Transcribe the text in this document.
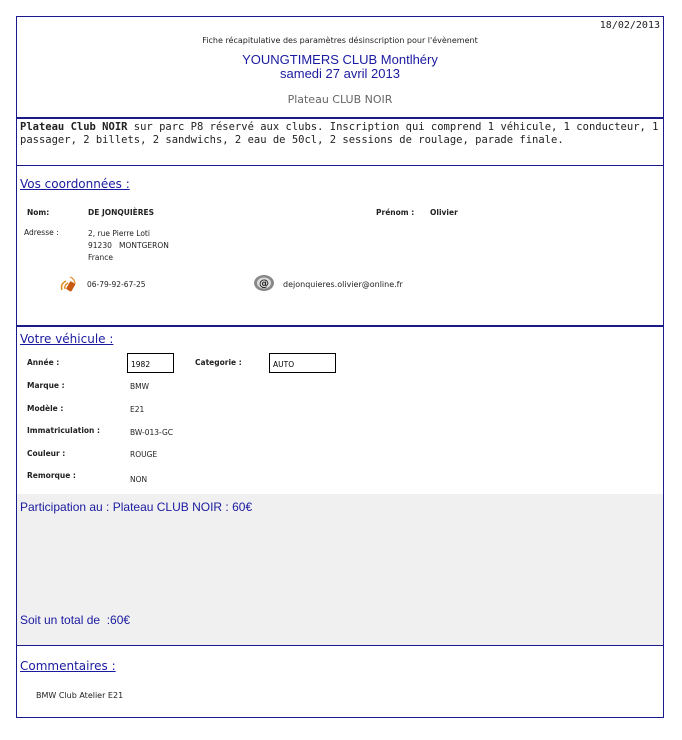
18/02/2013
Fiche récapitulative des paramètres désinscription pour l'évènement
YOUNGTIMERS CLUB Montlhéry
samedi 27 avril 2013
Plateau CLUB NOIR
Plateau Club NOIR sur parc P8 réservé aux clubs. Inscription qui comprend 1 véhicule, 1 conducteur, 1 passager, 2 billets, 2 sandwichs, 2 eau de 50cl, 2 sessions de roulage, parade finale.
Vos coordonnées :
Nom:	DE JONQUIÈRES	Prénom : Olivier
Adresse :	2, rue Pierre Loti
91230   MONTGERON
France
06-79-92-67-25	@ dejonquieres.olivier@online.fr
Votre véhicule :
Année :	1982	Categorie :	AUTO
Marque :	BMW
Modèle :	E21
Immatriculation :	BW-013-GC
Couleur :	ROUGE
Remorque :	NON
Participation au : Plateau CLUB NOIR : 60€
Soit un total de  :60€
Commentaires :
BMW Club Atelier E21
